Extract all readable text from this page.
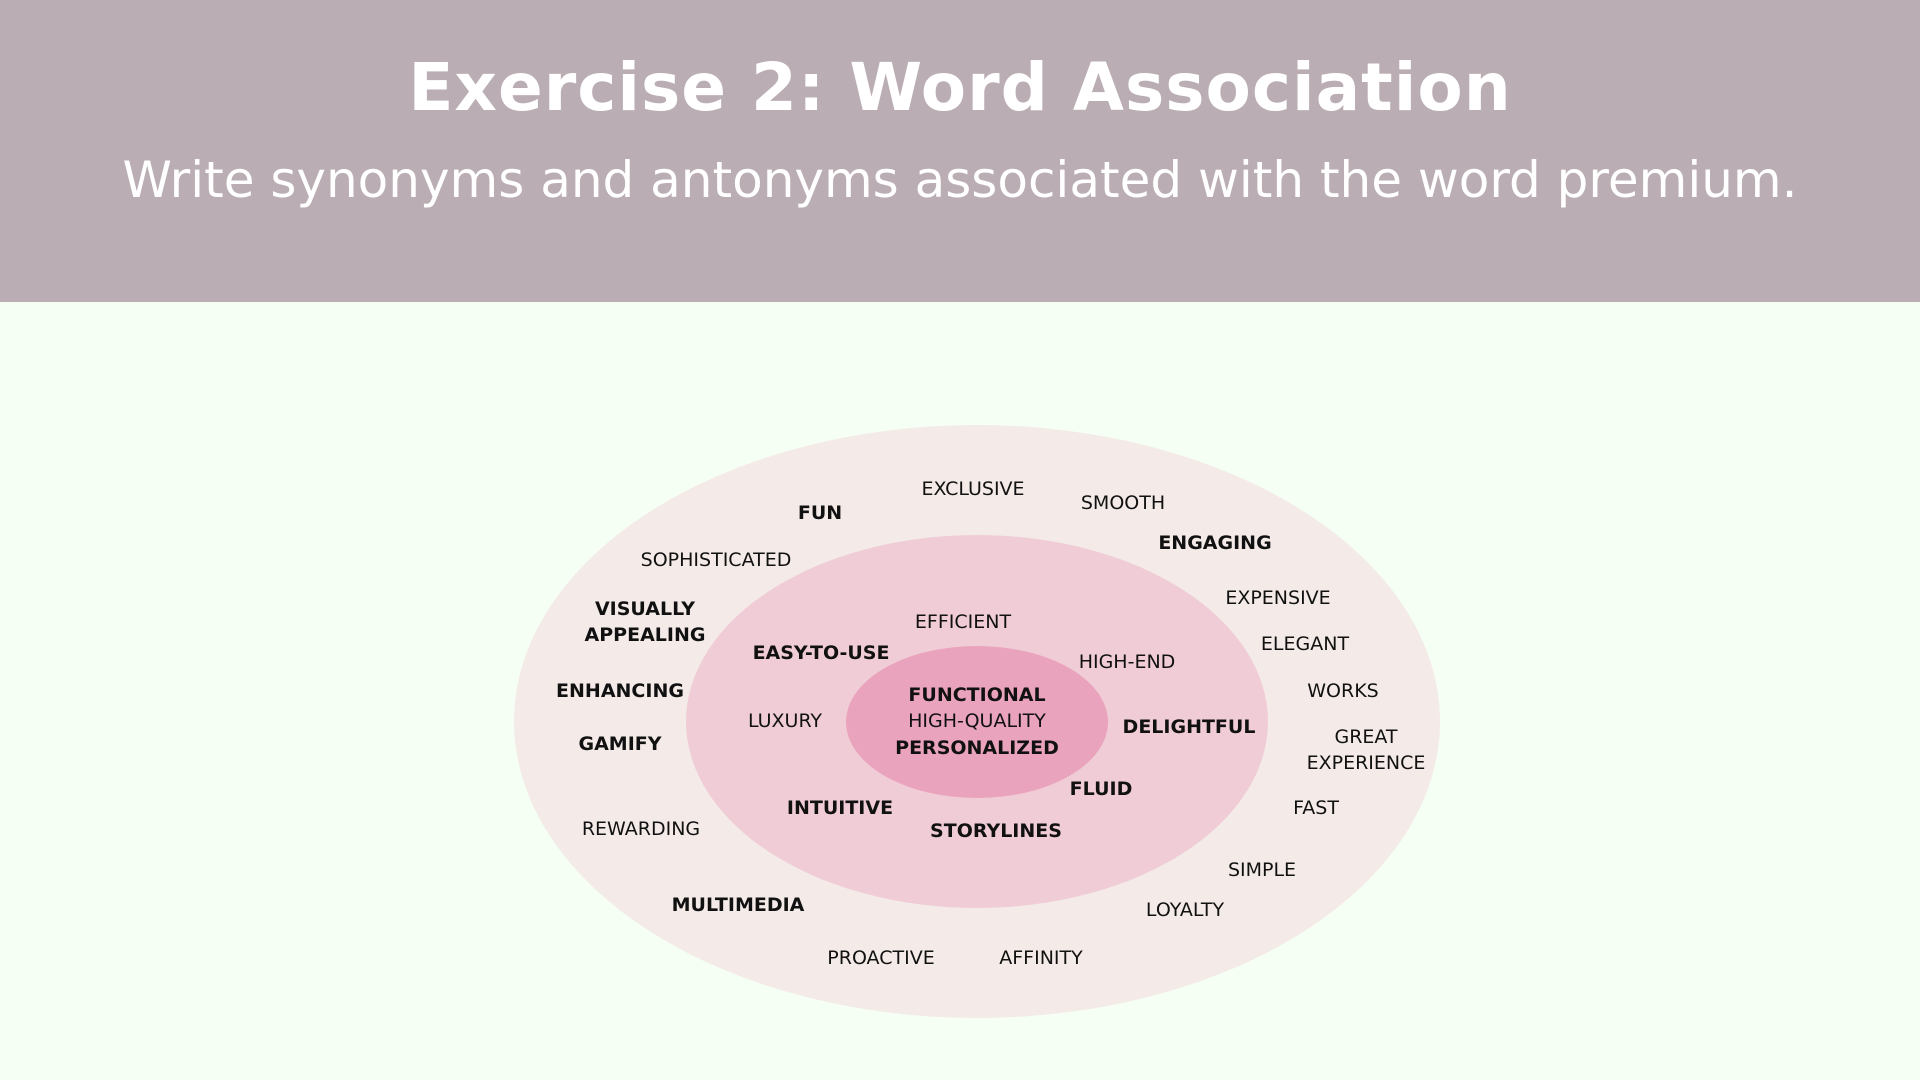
Exercise 2: Word Association
Write synonyms and antonyms associated with the word premium.
FUNCTIONAL
HIGH-QUALITY
PERSONALIZED
EFFICIENT
EASY-TO-USE	HIGH-END
LUXURY	DELIGHTFUL
FLUID
INTUITIVE
STORYLINES
EXCLUSIVE
FUN	SMOOTH
ENGAGING
SOPHISTICATED
VISUALLY
APPEALING
EXPENSIVE
ELEGANT
ENHANCING	WORKS
GAMIFY	GREAT
EXPERIENCE
FAST
REWARDING
SIMPLE
MULTIMEDIA	LOYALTY
PROACTIVE	AFFINITY
